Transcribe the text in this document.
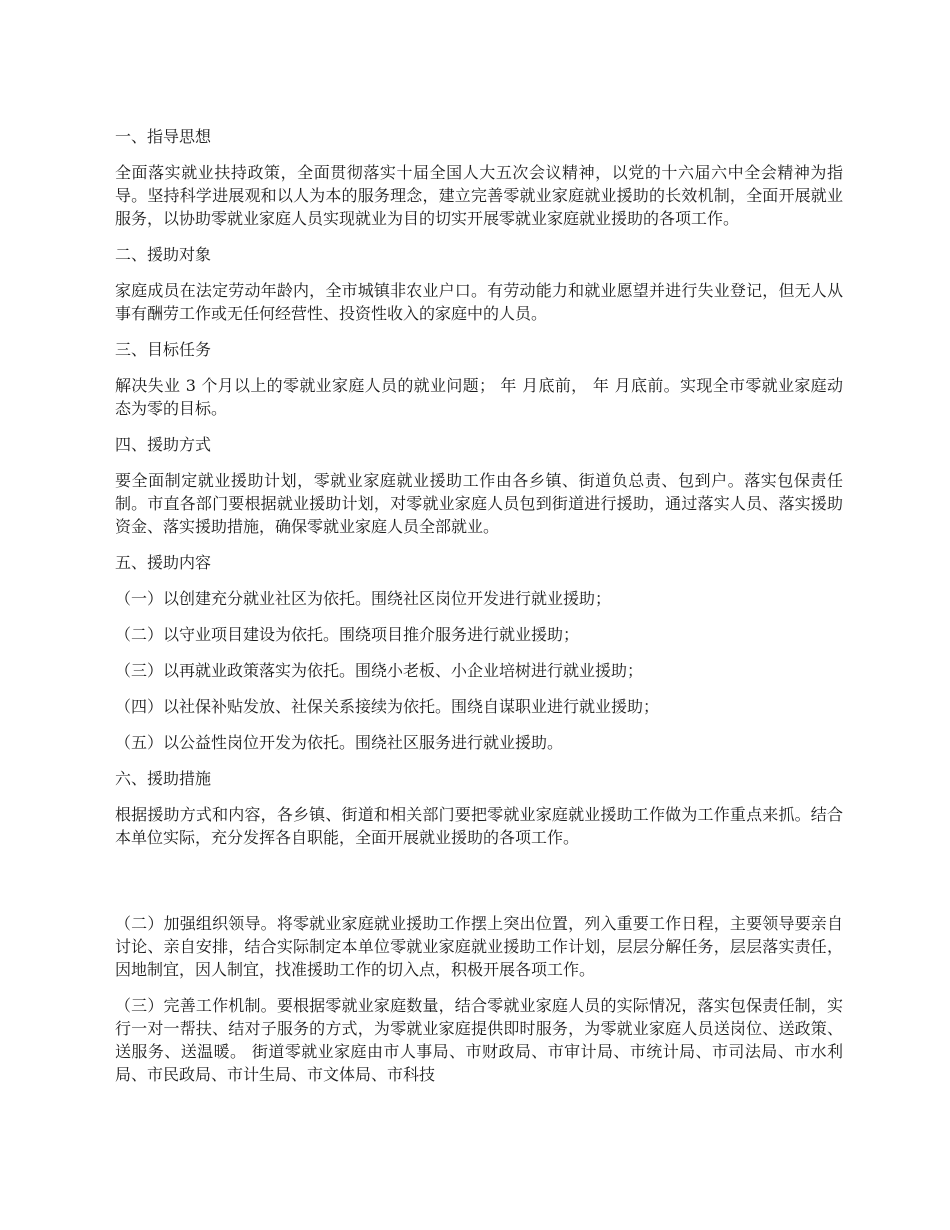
一、指导思想

全面落实就业扶持政策，全面贯彻落实十届全国人大五次会议精神，以党的十六届六中全会精神为指导。坚持科学进展观和以人为本的服务理念，建立完善零就业家庭就业援助的长效机制，全面开展就业服务，以协助零就业家庭人员实现就业为目的切实开展零就业家庭就业援助的各项工作。

二、援助对象

家庭成员在法定劳动年龄内，全市城镇非农业户口。有劳动能力和就业愿望并进行失业登记，但无人从事有酬劳工作或无任何经营性、投资性收入的家庭中的人员。

三、目标任务

解决失业 3 个月以上的零就业家庭人员的就业问题； 年 月底前， 年 月底前。实现全市零就业家庭动态为零的目标。

四、援助方式

要全面制定就业援助计划，零就业家庭就业援助工作由各乡镇、街道负总责、包到户。落实包保责任制。市直各部门要根据就业援助计划，对零就业家庭人员包到街道进行援助，通过落实人员、落实援助资金、落实援助措施，确保零就业家庭人员全部就业。

五、援助内容

（一）以创建充分就业社区为依托。围绕社区岗位开发进行就业援助；

（二）以守业项目建设为依托。围绕项目推介服务进行就业援助；

（三）以再就业政策落实为依托。围绕小老板、小企业培树进行就业援助；

（四）以社保补贴发放、社保关系接续为依托。围绕自谋职业进行就业援助；

（五）以公益性岗位开发为依托。围绕社区服务进行就业援助。

六、援助措施

根据援助方式和内容，各乡镇、街道和相关部门要把零就业家庭就业援助工作做为工作重点来抓。结合本单位实际，充分发挥各自职能，全面开展就业援助的各项工作。

（二）加强组织领导。将零就业家庭就业援助工作摆上突出位置，列入重要工作日程，主要领导要亲自讨论、亲自安排，结合实际制定本单位零就业家庭就业援助工作计划，层层分解任务，层层落实责任，因地制宜，因人制宜，找准援助工作的切入点，积极开展各项工作。

（三）完善工作机制。要根据零就业家庭数量，结合零就业家庭人员的实际情况，落实包保责任制，实行一对一帮扶、结对子服务的方式，为零就业家庭提供即时服务，为零就业家庭人员送岗位、送政策、送服务、送温暖。 街道零就业家庭由市人事局、市财政局、市审计局、市统计局、市司法局、市水利局、市民政局、市计生局、市文体局、市科技
